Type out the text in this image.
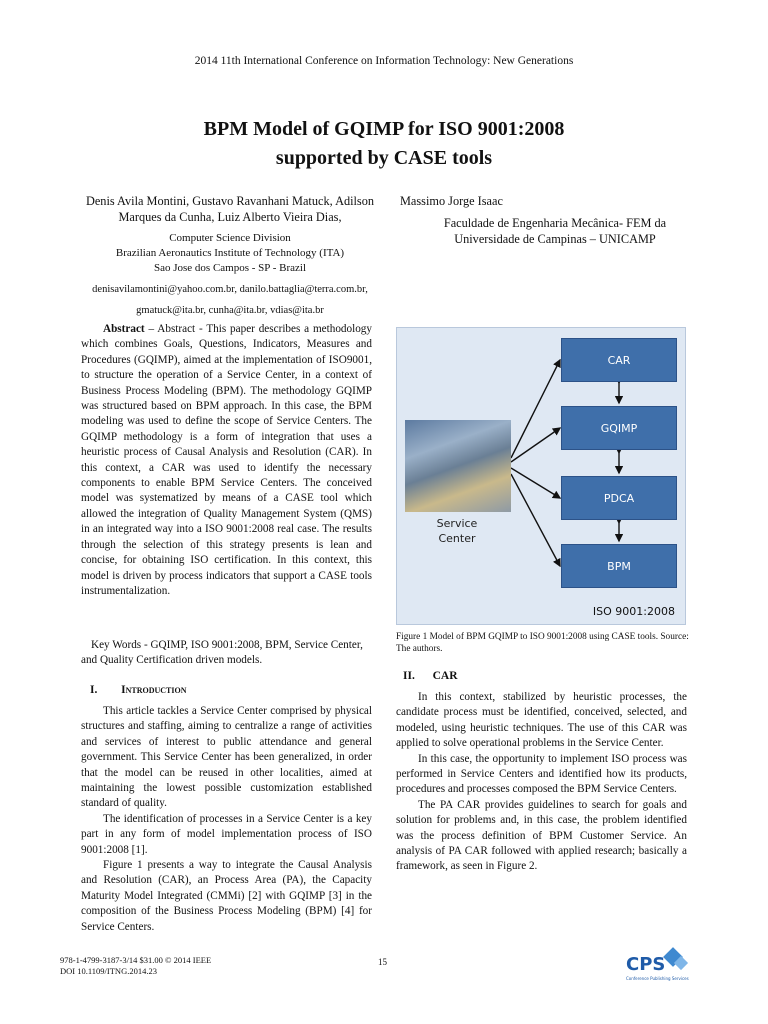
2014 11th International Conference on Information Technology: New Generations
BPM Model of GQIMP for ISO 9001:2008
supported by CASE tools
Denis Avila Montini, Gustavo Ravanhani Matuck, Adilson
Marques da Cunha, Luiz Alberto Vieira Dias,
Computer Science Division
Brazilian Aeronautics Institute of Technology (ITA)
Sao Jose dos Campos - SP - Brazil
denisavilamontini@yahoo.com.br, danilo.battaglia@terra.com.br,
gmatuck@ita.br, cunha@ita.br, vdias@ita.br
Massimo Jorge Isaac
Faculdade de Engenharia Mecânica- FEM da
Universidade de Campinas – UNICAMP
Abstract – Abstract - This paper describes a methodology which combines Goals, Questions, Indicators, Measures and Procedures (GQIMP), aimed at the implementation of ISO9001, to structure the operation of a Service Center, in a context of Business Process Modeling (BPM). The methodology GQIMP was structured based on BPM approach. In this case, the BPM modeling was used to define the scope of Service Centers. The GQIMP methodology is a form of integration that uses a heuristic process of Causal Analysis and Resolution (CAR). In this context, a CAR was used to identify the necessary components to enable BPM Service Centers. The conceived model was systematized by means of a CASE tool which allowed the integration of Quality Management System (QMS) in an integrated way into a ISO 9001:2008 real case. The results through the selection of this strategy presents is lean and concise, for obtaining ISO certification. In this context, this model is driven by process indicators that support a CASE tools instrumentalization.
Key Words - GQIMP, ISO 9001:2008, BPM, Service Center, and Quality Certification driven models.
I. Introduction

This article tackles a Service Center comprised by physical structures and staffing, aiming to centralize a range of activities and services of interest to public attendance and general government. This Service Center has been generalized, in order that the model can be reused in other localities, aimed at maintaining the lowest possible customization established standard of quality.

The identification of processes in a Service Center is a key part in any form of model implementation process of ISO 9001:2008 [1].

Figure 1 presents a way to integrate the Causal Analysis and Resolution (CAR), an Process Area (PA), the Capacity Maturity Model Integrated (CMMi) [2] with GQIMP [3] in the composition of the Business Process Modeling (BPM) [4] for Service Centers.

Service
Center
CAR
GQIMP
PDCA
BPM
ISO 9001:2008
Figure 1 Model of BPM GQIMP to ISO 9001:2008 using CASE tools. Source: The authors.
II. CAR

In this context, stabilized by heuristic processes, the candidate process must be identified, conceived, selected, and modeled, using heuristic techniques. The use of this CAR was applied to solve operational problems in the Service Center.

In this case, the opportunity to implement ISO process was performed in Service Centers and identified how its products, procedures and processes composed the BPM Service Centers.

The PA CAR provides guidelines to search for goals and solution for problems and, in this case, the problem identified was the process definition of BPM Customer Service. An analysis of PA CAR followed with applied research; basically a framework, as seen in Figure 2.

978-1-4799-3187-3/14 $31.00 © 2014 IEEE
DOI 10.1109/ITNG.2014.23
15	CPS
Conference Publishing Services
